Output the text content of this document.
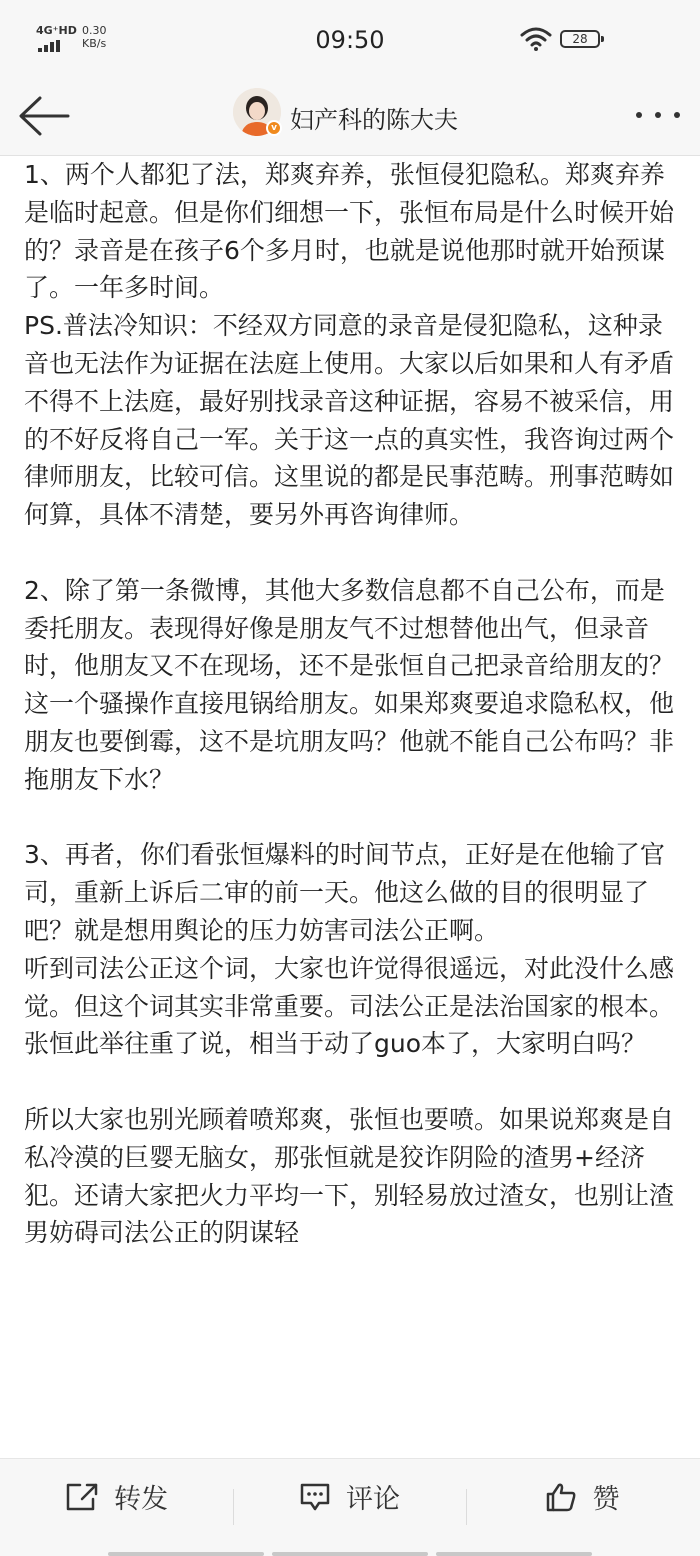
4G⁺HD 0.30
KB/s	09:50	28
v 妇产科的陈大夫

1、两个人都犯了法，郑爽弃养，张恒侵犯隐私。郑爽弃养是临时起意。但是你们细想一下，张恒布局是什么时候开始的？录音是在孩子6个多月时，也就是说他那时就开始预谋了。一年多时间。

PS.普法冷知识：不经双方同意的录音是侵犯隐私，这种录音也无法作为证据在法庭上使用。大家以后如果和人有矛盾不得不上法庭，最好别找录音这种证据，容易不被采信，用的不好反将自己一军。关于这一点的真实性，我咨询过两个律师朋友，比较可信。这里说的都是民事范畴。刑事范畴如何算，具体不清楚，要另外再咨询律师。

2、除了第一条微博，其他大多数信息都不自己公布，而是委托朋友。表现得好像是朋友气不过想替他出气，但录音时，他朋友又不在现场，还不是张恒自己把录音给朋友的？

这一个骚操作直接甩锅给朋友。如果郑爽要追求隐私权，他朋友也要倒霉，这不是坑朋友吗？他就不能自己公布吗？非拖朋友下水？

3、再者，你们看张恒爆料的时间节点，正好是在他输了官司，重新上诉后二审的前一天。他这么做的目的很明显了吧？就是想用舆论的压力妨害司法公正啊。

听到司法公正这个词，大家也许觉得很遥远，对此没什么感觉。但这个词其实非常重要。司法公正是法治国家的根本。张恒此举往重了说，相当于动了guo本了，大家明白吗？

所以大家也别光顾着喷郑爽，张恒也要喷。如果说郑爽是自私冷漠的巨婴无脑女，那张恒就是狡诈阴险的渣男+经济犯。还请大家把火力平均一下，别轻易放过渣女，也别让渣男妨碍司法公正的阴谋轻

转发	评论	赞
